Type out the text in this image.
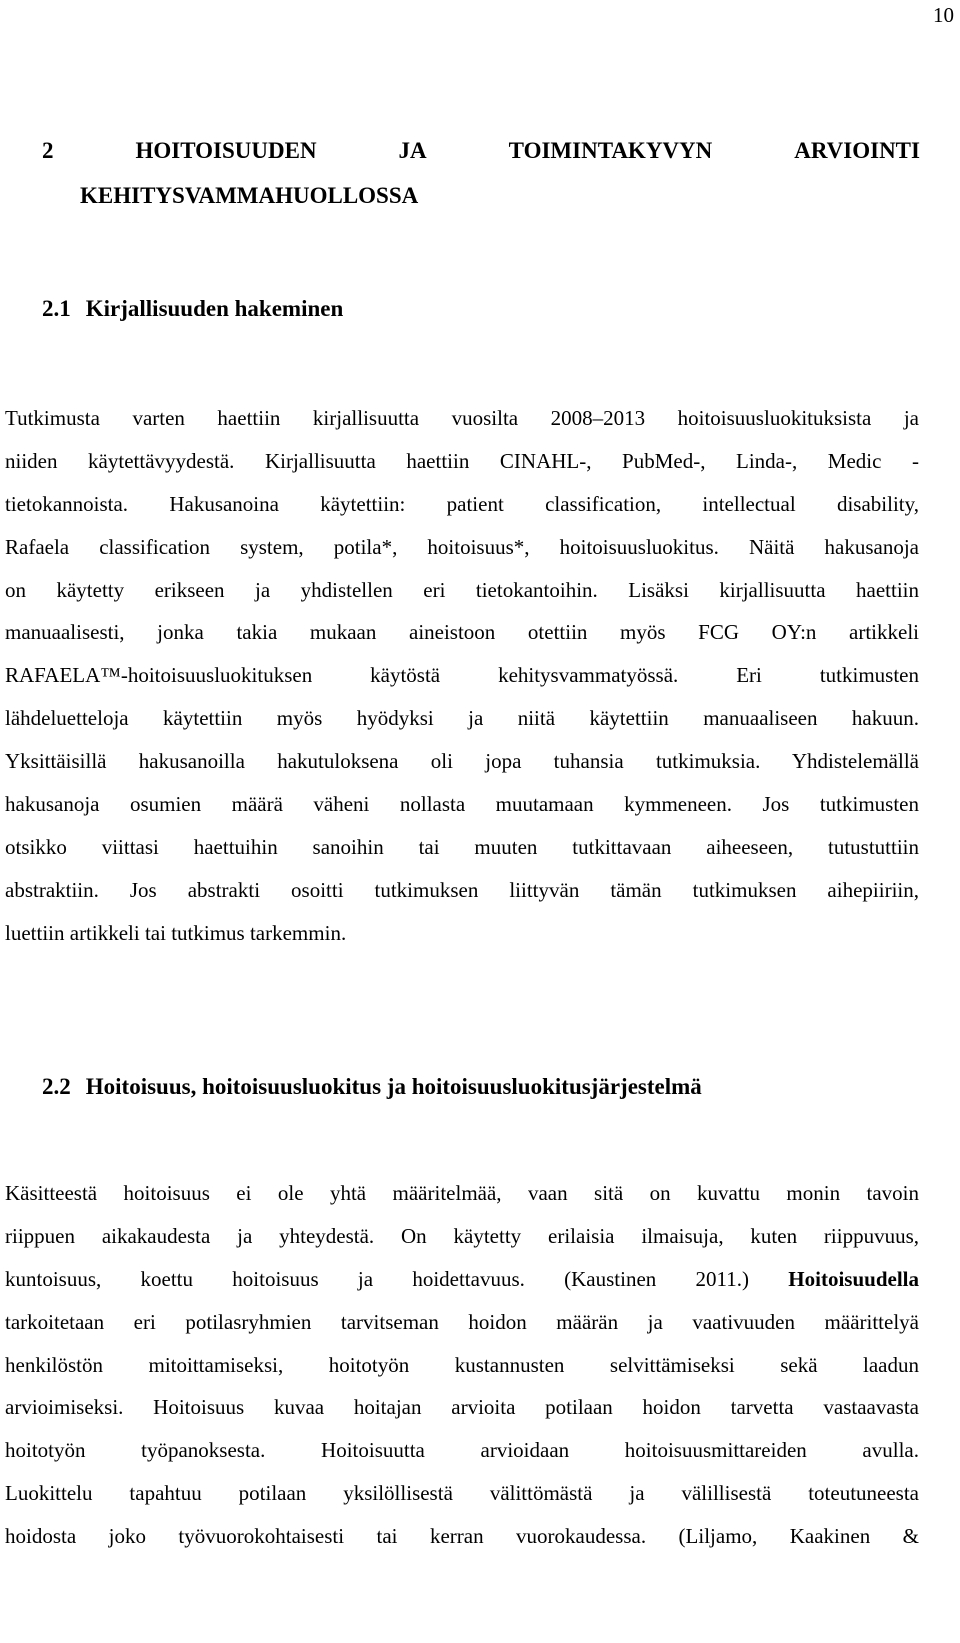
10
2	HOITOISUUDEN	JA	TOIMINTAKYVYN	ARVIOINTI
KEHITYSVAMMAHUOLLOSSA
2.1 Kirjallisuuden hakeminen
Tutkimusta varten haettiin kirjallisuutta vuosilta 2008–2013 hoitoisuusluokituksista ja
niiden käytettävyydestä. Kirjallisuutta haettiin CINAHL-, PubMed-, Linda-, Medic -
tietokannoista. Hakusanoina käytettiin: patient classification, intellectual disability,
Rafaela classification system, potila*, hoitoisuus*, hoitoisuusluokitus. Näitä hakusanoja
on käytetty erikseen ja yhdistellen eri tietokantoihin. Lisäksi kirjallisuutta haettiin
manuaalisesti, jonka takia mukaan aineistoon otettiin myös FCG OY:n artikkeli
RAFAELA™-hoitoisuusluokituksen käytöstä kehitysvammatyössä. Eri tutkimusten
lähdeluetteloja käytettiin myös hyödyksi ja niitä käytettiin manuaaliseen hakuun.
Yksittäisillä hakusanoilla hakutuloksena oli jopa tuhansia tutkimuksia. Yhdistelemällä
hakusanoja osumien määrä väheni nollasta muutamaan kymmeneen. Jos tutkimusten
otsikko viittasi haettuihin sanoihin tai muuten tutkittavaan aiheeseen, tutustuttiin
abstraktiin. Jos abstrakti osoitti tutkimuksen liittyvän tämän tutkimuksen aihepiiriin,
luettiin artikkeli tai tutkimus tarkemmin.
2.2 Hoitoisuus, hoitoisuusluokitus ja hoitoisuusluokitusjärjestelmä
Käsitteestä hoitoisuus ei ole yhtä määritelmää, vaan sitä on kuvattu monin tavoin
riippuen aikakaudesta ja yhteydestä. On käytetty erilaisia ilmaisuja, kuten riippuvuus,
kuntoisuus, koettu hoitoisuus ja hoidettavuus. (Kaustinen 2011.) Hoitoisuudella
tarkoitetaan eri potilasryhmien tarvitseman hoidon määrän ja vaativuuden määrittelyä
henkilöstön mitoittamiseksi, hoitotyön kustannusten selvittämiseksi sekä laadun
arvioimiseksi. Hoitoisuus kuvaa hoitajan arvioita potilaan hoidon tarvetta vastaavasta
hoitotyön työpanoksesta. Hoitoisuutta arvioidaan hoitoisuusmittareiden avulla.
Luokittelu tapahtuu potilaan yksilöllisestä välittömästä ja välillisestä toteutuneesta
hoidosta joko työvuorokohtaisesti tai kerran vuorokaudessa. (Liljamo, Kaakinen &
